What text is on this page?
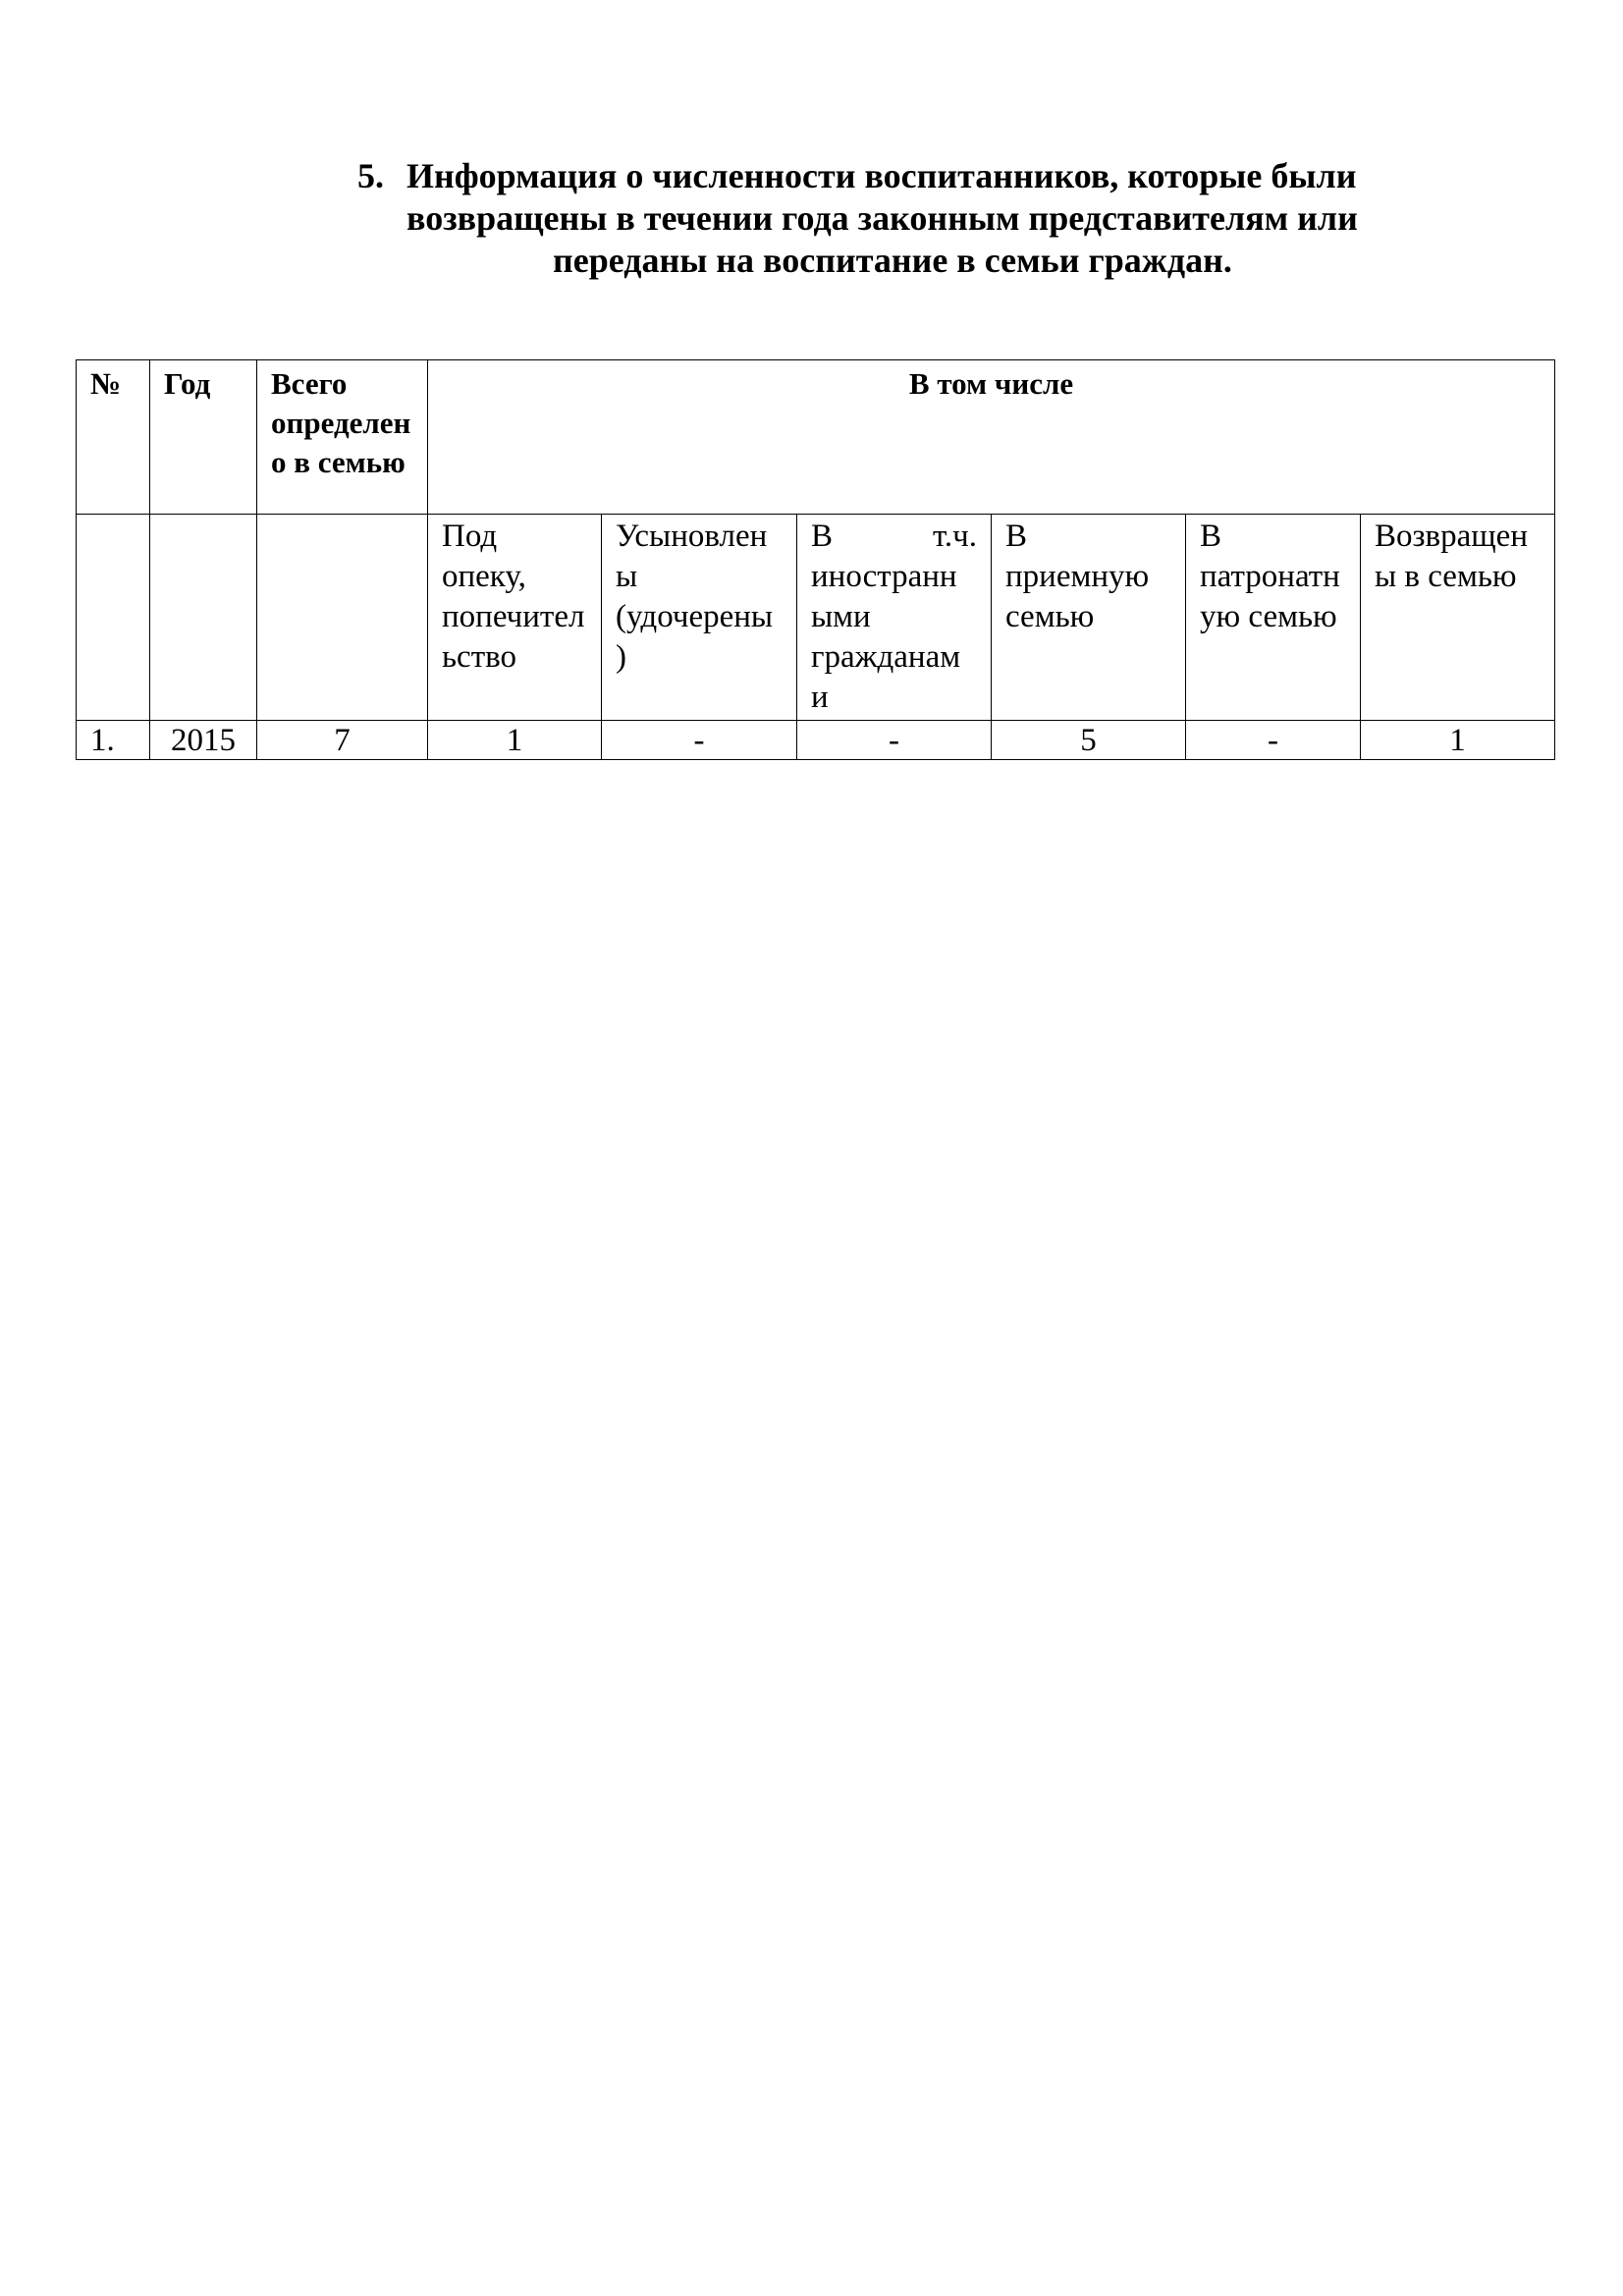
5. Информация о численности воспитанников, которые были
возвращены в течении года законным представителям или
переданы на воспитание в семьи граждан.
№	Год	Всего определено в семью	В том числе					
			Под опеку, попечительство	Усыновлены (удочерены)	В т.ч. иностранными гражданами	В приемную семью	В патронатную семью	Возвращены в семью
1.	2015	7	1	-	-	5	-	1
